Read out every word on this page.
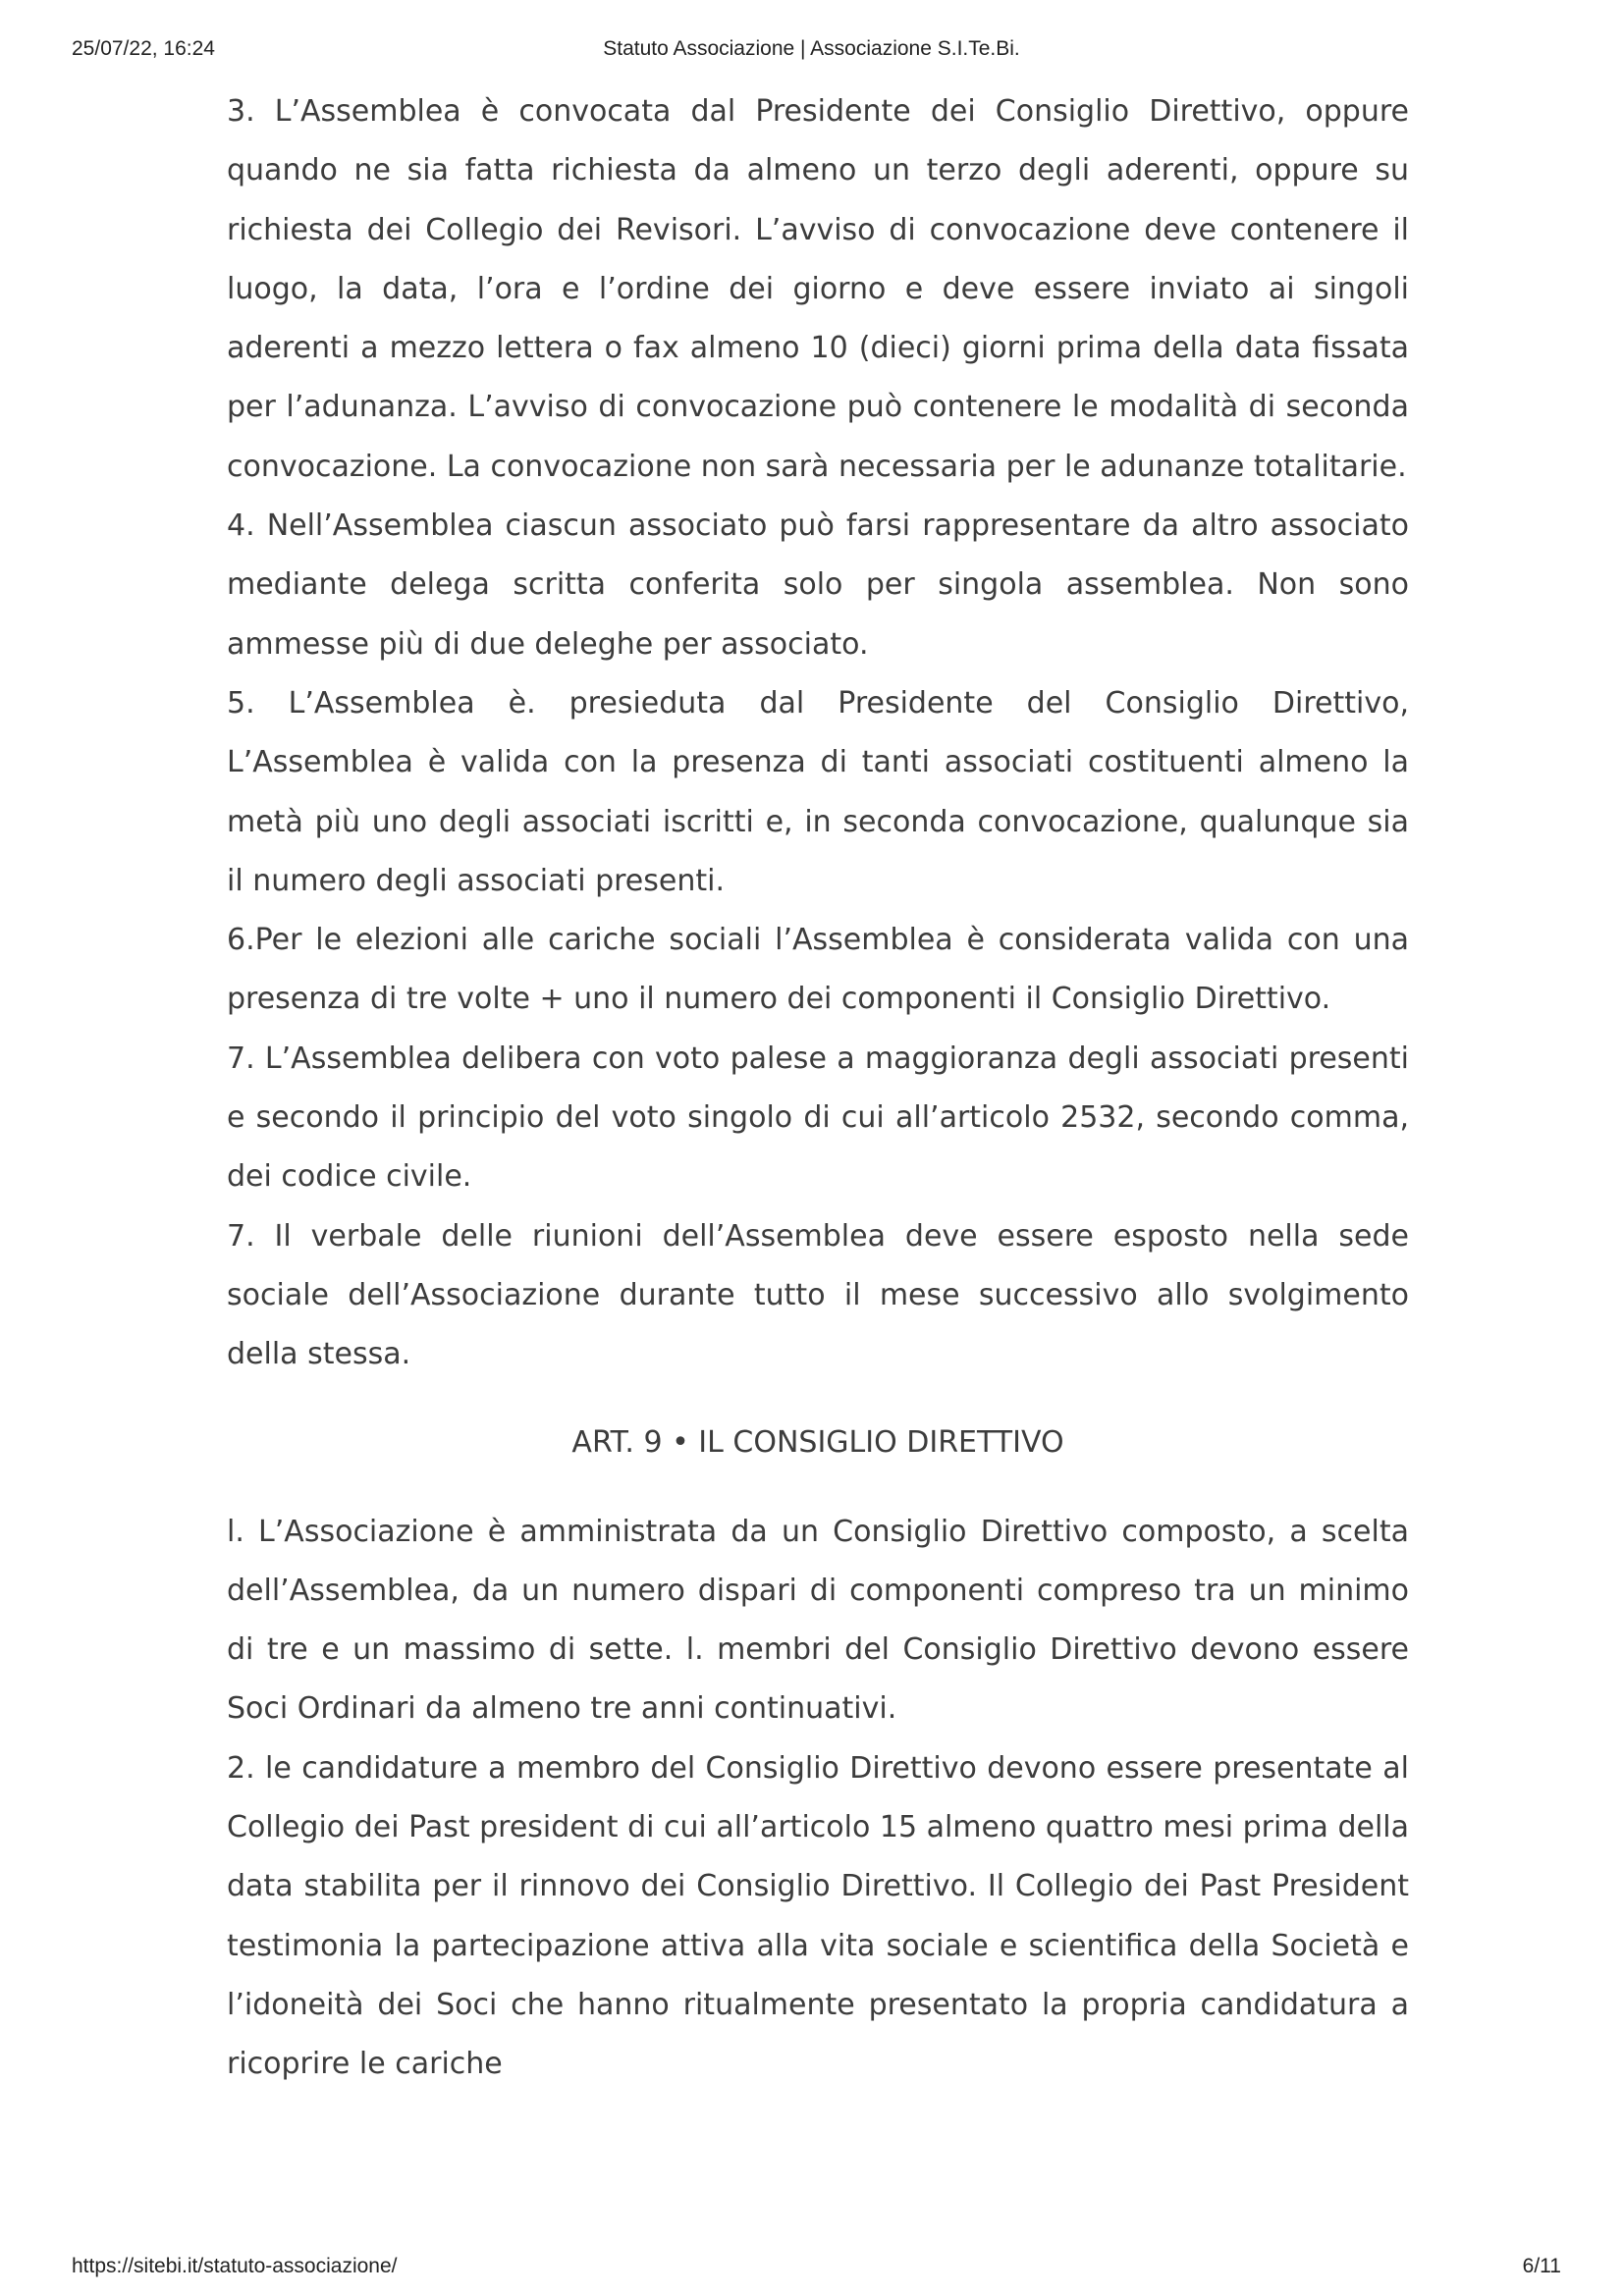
25/07/22, 16:24	Statuto Associazione | Associazione S.I.Te.Bi.

3. L’Assemblea è convocata dal Presidente dei Consiglio Direttivo, oppure quando ne sia fatta richiesta da almeno un terzo degli aderenti, oppure su richiesta dei Collegio dei Revisori. L’avviso di convocazione deve contenere il luogo, la data, l’ora e l’ordine dei giorno e deve essere inviato ai singoli aderenti a mezzo lettera o fax almeno 10 (dieci) giorni prima della data fissata per l’adunanza. L’avviso di convocazione può contenere le modalità di seconda convocazione. La convocazione non sarà necessaria per le adunanze totalitarie.

4. Nell’Assemblea ciascun associato può farsi rappresentare da altro associato mediante delega scritta conferita solo per singola assemblea. Non sono ammesse più di due deleghe per associato.

5. L’Assemblea è. presieduta dal Presidente del Consiglio Direttivo, L’Assemblea è valida con la presenza di tanti associati costituenti almeno la metà più uno degli associati iscritti e, in seconda convocazione, qualunque sia il numero degli associati presenti.

6.Per le elezioni alle cariche sociali l’Assemblea è considerata valida con una presenza di tre volte + uno il numero dei componenti il Consiglio Direttivo.

7. L’Assemblea delibera con voto palese a maggioranza degli associati presenti e secondo il principio del voto singolo di cui all’articolo 2532, secondo comma, dei codice civile.

7. Il verbale delle riunioni dell’Assemblea deve essere esposto nella sede sociale dell’Associazione durante tutto il mese successivo allo svolgimento della stessa.

ART. 9 • IL CONSIGLIO DIRETTIVO

l. L’Associazione è amministrata da un Consiglio Direttivo composto, a scelta dell’Assemblea, da un numero dispari di componenti compreso tra un minimo di tre e un massimo di sette. l. membri del Consiglio Direttivo devono essere Soci Ordinari da almeno tre anni continuativi.

2. le candidature a membro del Consiglio Direttivo devono essere presentate al Collegio dei Past president di cui all’articolo 15 almeno quattro mesi prima della data stabilita per il rinnovo dei Consiglio Direttivo. Il Collegio dei Past President testimonia la partecipazione attiva alla vita sociale e scientifica della Società e l’idoneità dei Soci che hanno ritualmente presentato la propria candidatura a ricoprire le cariche

https://sitebi.it/statuto-associazione/	6/11
